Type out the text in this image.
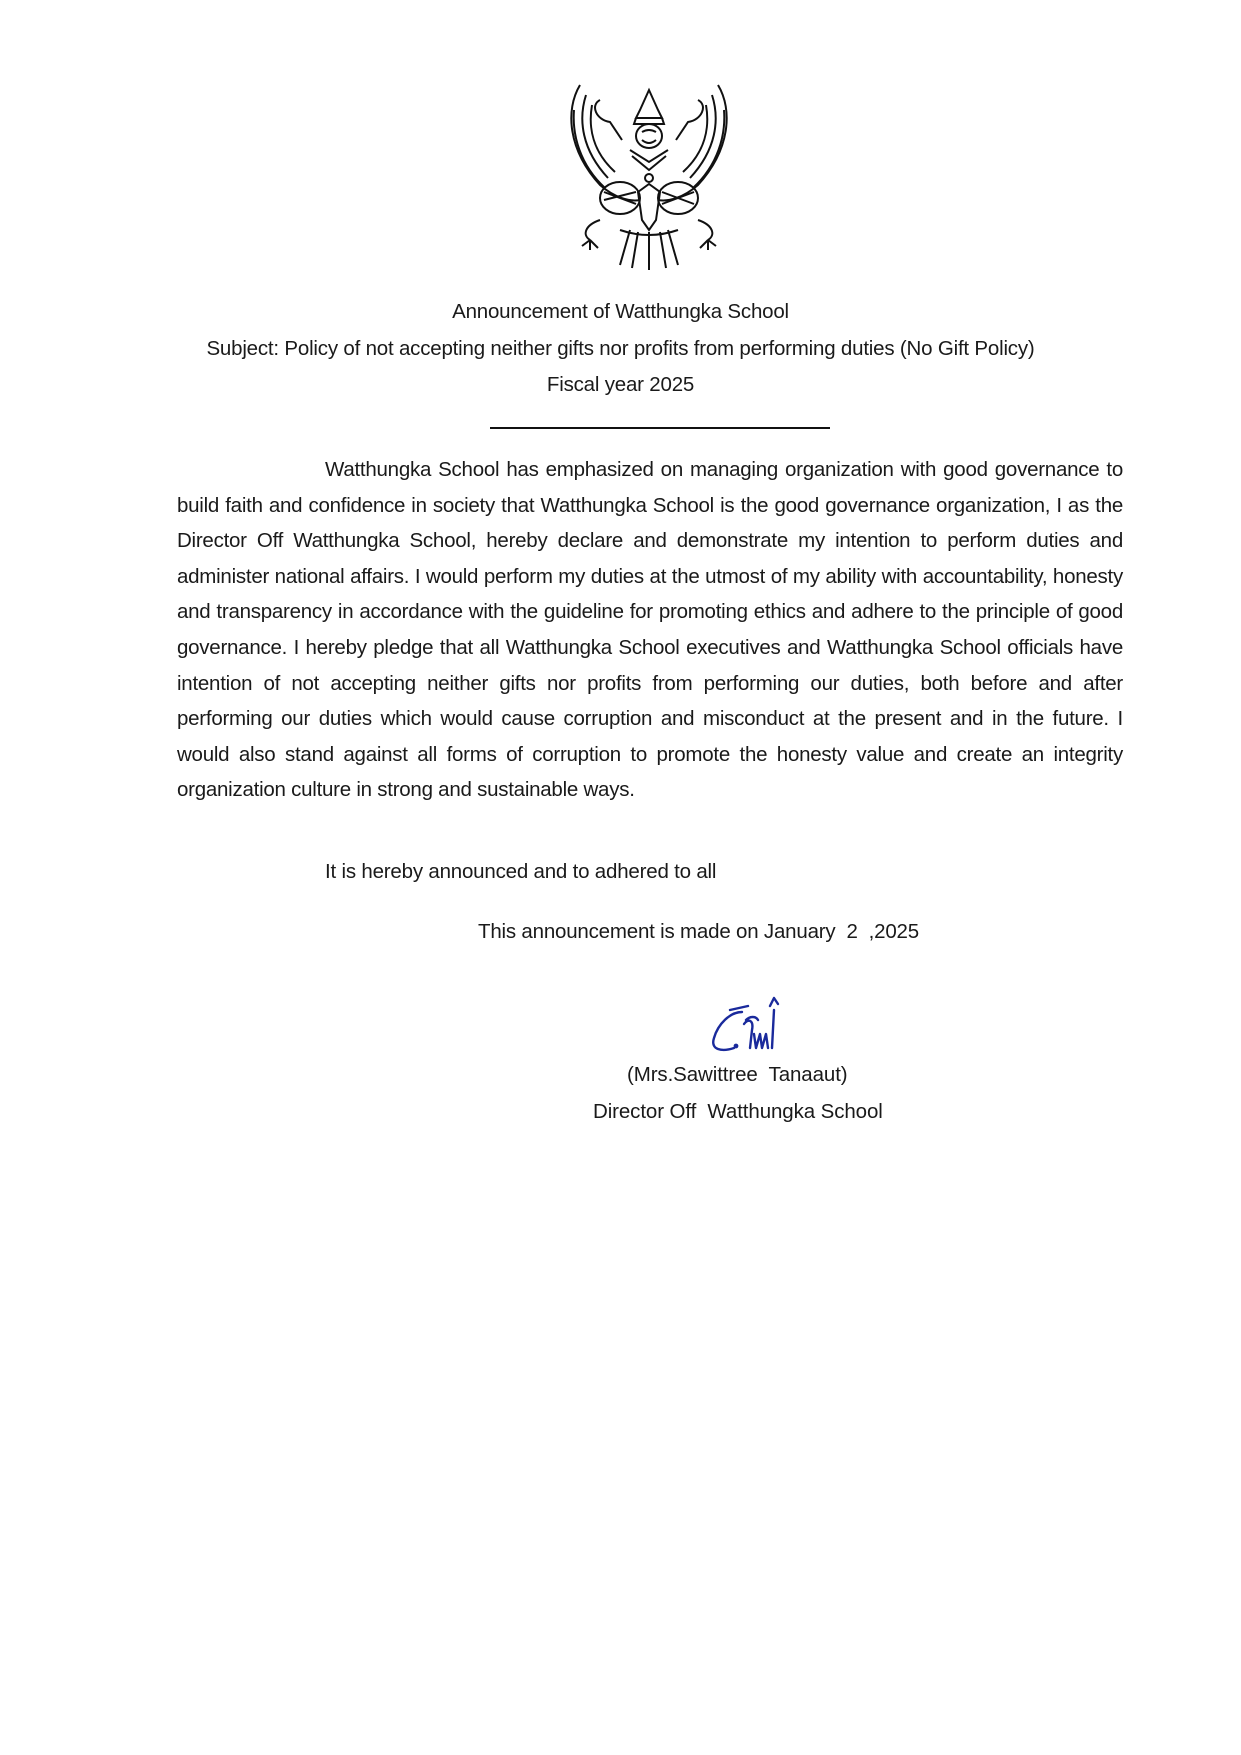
Announcement of Watthungka School
Subject: Policy of not accepting neither gifts nor profits from performing duties (No Gift Policy)
Fiscal year 2025

Watthungka School has emphasized on managing organization with good governance to build faith and confidence in society that Watthungka School is the good governance organization, I as the Director Off Watthungka School, hereby declare and demonstrate my intention to perform duties and administer national affairs. I would perform my duties at the utmost of my ability with accountability, honesty and transparency in accordance with the guideline for promoting ethics and adhere to the principle of good governance. I hereby pledge that all Watthungka School executives and Watthungka School officials have intention of not accepting neither gifts nor profits from performing our duties, both before and after performing our duties which would cause corruption and misconduct at the present and in the future. I would also stand against all forms of corruption to promote the honesty value and create an integrity organization culture in strong and sustainable ways.

It is hereby announced and to adhered to all
This announcement is made on January  2  ,2025
(Mrs.Sawittree  Tanaaut)
Director Off  Watthungka School
